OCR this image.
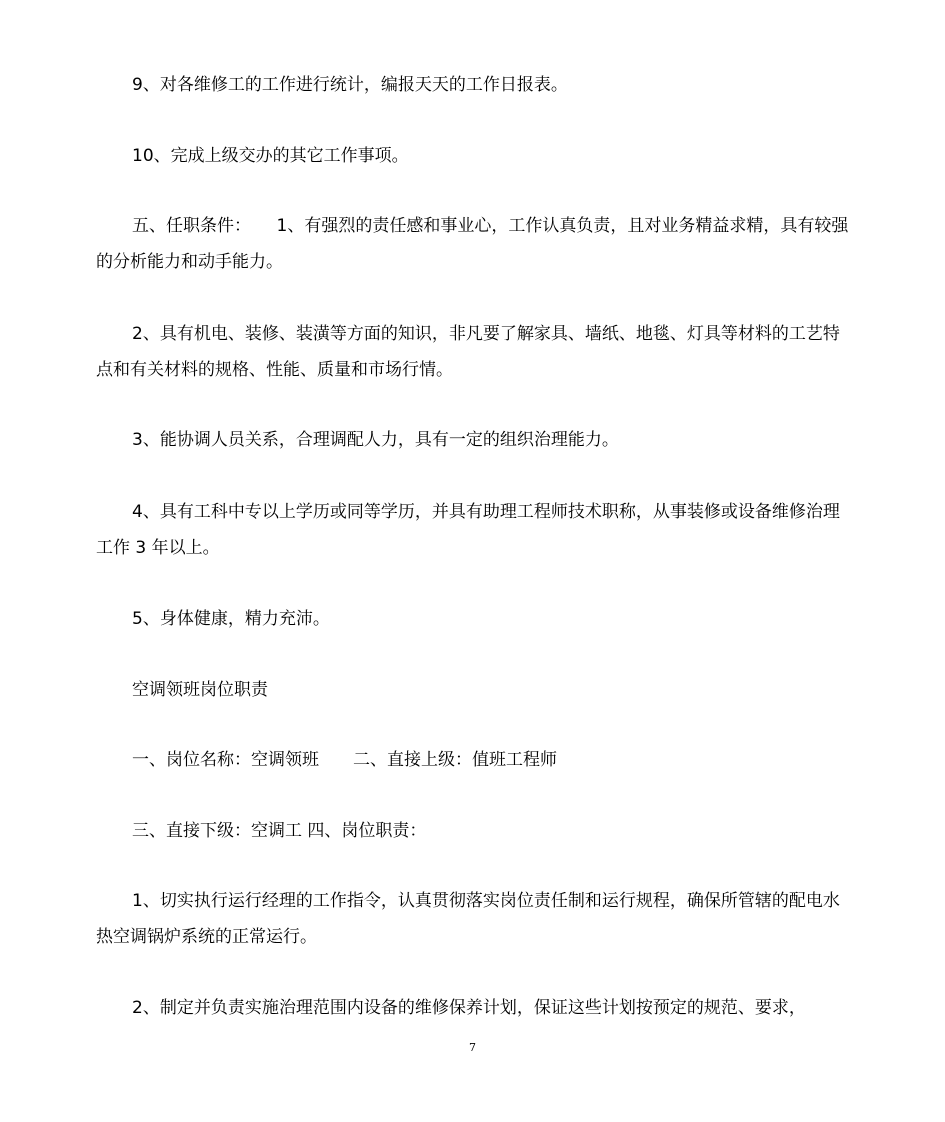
9、对各维修工的工作进行统计，编报天天的工作日报表。

10、完成上级交办的其它工作事项。

五、任职条件：　　1、有强烈的责任感和事业心，工作认真负责，且对业务精益求精，具有较强的分析能力和动手能力。

2、具有机电、装修、装潢等方面的知识，非凡要了解家具、墙纸、地毯、灯具等材料的工艺特点和有关材料的规格、性能、质量和市场行情。

3、能协调人员关系，合理调配人力，具有一定的组织治理能力。

4、具有工科中专以上学历或同等学历，并具有助理工程师技术职称，从事装修或设备维修治理工作 3 年以上。

5、身体健康，精力充沛。

空调领班岗位职责

一、岗位名称：空调领班　　二、直接上级：值班工程师

三、直接下级：空调工 四、岗位职责：

1、切实执行运行经理的工作指令，认真贯彻落实岗位责任制和运行规程，确保所管辖的配电水热空调锅炉系统的正常运行。

2、制定并负责实施治理范围内设备的维修保养计划，保证这些计划按预定的规范、要求，

7
